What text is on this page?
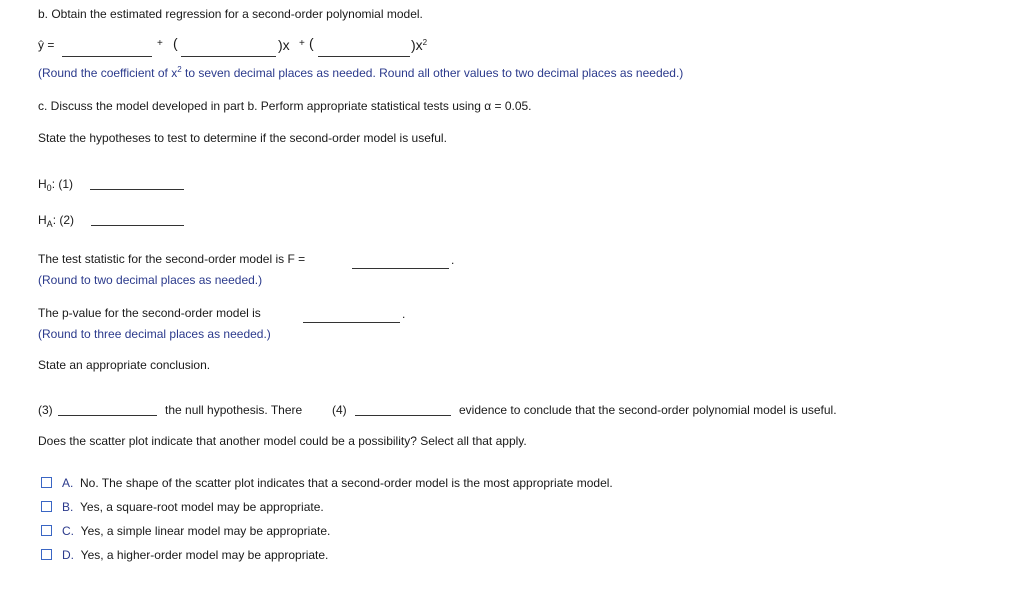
b. Obtain the estimated regression for a second-order polynomial model.
ŷ =	+ (	)x + (	)$x^2$
(Round the coefficient of $x^2$ to seven decimal places as needed. Round all other values to two decimal places as needed.)
c. Discuss the model developed in part b. Perform appropriate statistical tests using α = 0.05.
State the hypotheses to test to determine if the second-order model is useful.
$H_0$: (1)
$H_A$: (2)
The test statistic for the second-order model is F =	.
(Round to two decimal places as needed.)
The p-value for the second-order model is	.
(Round to three decimal places as needed.)
State an appropriate conclusion.
(3)	the null hypothesis. There (4)	evidence to conclude that the second-order polynomial model is useful.
Does the scatter plot indicate that another model could be a possibility? Select all that apply.
A. No. The shape of the scatter plot indicates that a second-order model is the most appropriate model.
B. Yes, a square-root model may be appropriate.
C. Yes, a simple linear model may be appropriate.
D. Yes, a higher-order model may be appropriate.
